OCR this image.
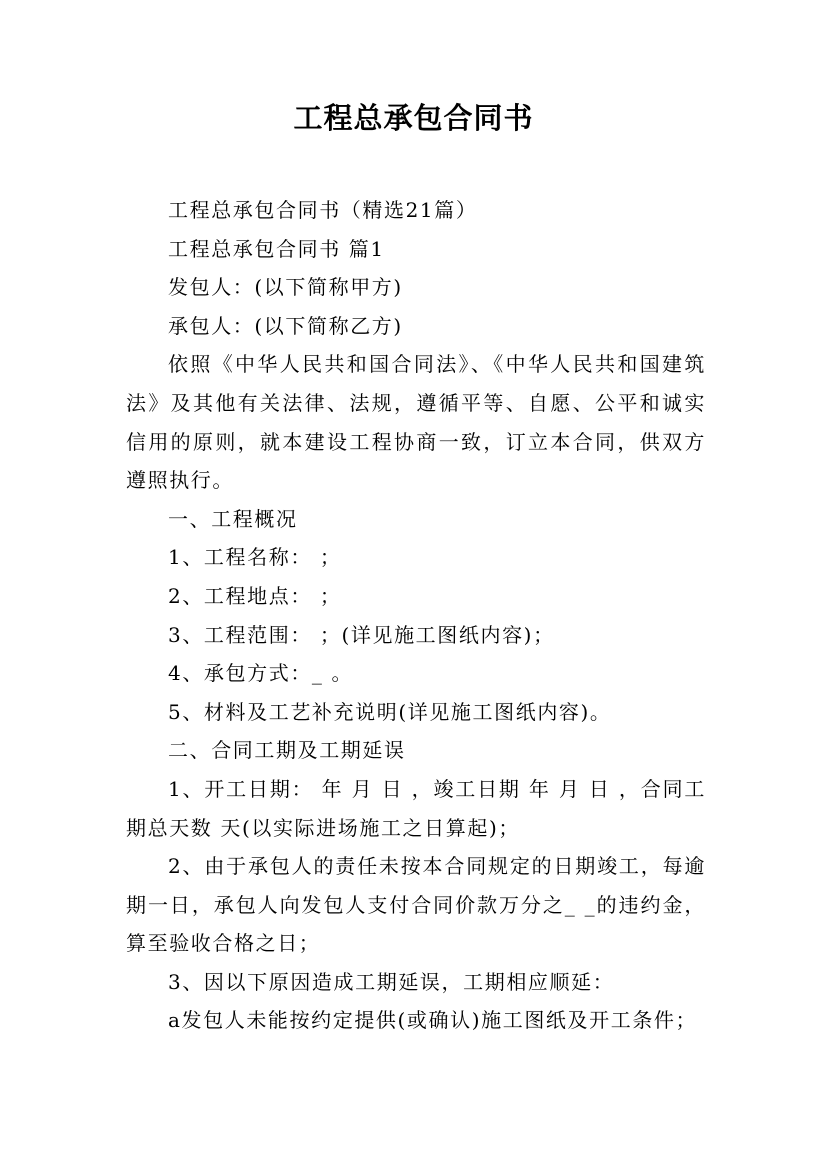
工程总承包合同书

工程总承包合同书（精选21篇）

工程总承包合同书 篇1

发包人：(以下简称甲方)

承包人：(以下简称乙方)

依照《中华人民共和国合同法》、《中华人民共和国建筑法》及其他有关法律、法规，遵循平等、自愿、公平和诚实信用的原则，就本建设工程协商一致，订立本合同，供双方遵照执行。

一、工程概况

1、工程名称： ；

2、工程地点： ；

3、工程范围： ；(详见施工图纸内容)；

4、承包方式：_ 。

5、材料及工艺补充说明(详见施工图纸内容)。

二、合同工期及工期延误

1、开工日期： 年 月 日 ，竣工日期 年 月 日 ，合同工期总天数 天(以实际进场施工之日算起)；

2、由于承包人的责任未按本合同规定的日期竣工，每逾期一日，承包人向发包人支付合同价款万分之_ _的违约金，算至验收合格之日；

3、因以下原因造成工期延误，工期相应顺延：

a发包人未能按约定提供(或确认)施工图纸及开工条件；
